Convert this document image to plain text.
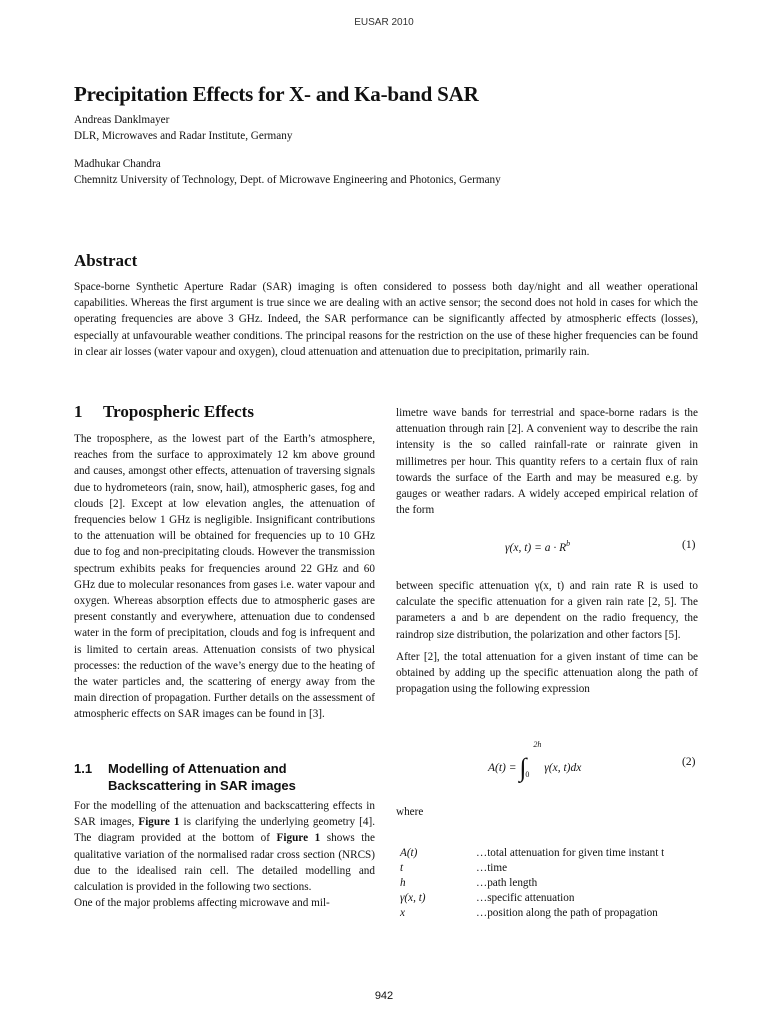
EUSAR 2010
Precipitation Effects for X- and Ka-band SAR
Andreas Danklmayer
DLR, Microwaves and Radar Institute, Germany
Madhukar Chandra
Chemnitz University of Technology, Dept. of Microwave Engineering and Photonics, Germany
Abstract
Space-borne Synthetic Aperture Radar (SAR) imaging is often considered to possess both day/night and all weather operational capabilities. Whereas the first argument is true since we are dealing with an active sensor; the second does not hold in cases for which the operating frequencies are above 3 GHz. Indeed, the SAR performance can be significantly affected by atmospheric effects (losses), especially at unfavourable weather conditions. The principal reasons for the restriction on the use of these higher frequencies can be found in clear air losses (water vapour and oxygen), cloud attenuation and attenuation due to precipitation, primarily rain.
1 Tropospheric Effects

The troposphere, as the lowest part of the Earth’s atmosphere, reaches from the surface to approximately 12 km above ground and causes, amongst other effects, attenuation of traversing signals due to hydrometeors (rain, snow, hail), atmospheric gases, fog and clouds [2]. Except at low elevation angles, the attenuation of frequencies below 1 GHz is negligible. Insignificant contributions to the attenuation will be obtained for frequencies up to 10 GHz due to fog and non-precipitating clouds. However the transmission spectrum exhibits peaks for frequencies around 22 GHz and 60 GHz due to molecular resonances from gases i.e. water vapour and oxygen. Whereas absorption effects due to atmospheric gases are present constantly and everywhere, attenuation due to condensed water in the form of precipitation, clouds and fog is infrequent and is limited to certain areas. Attenuation consists of two physical processes: the reduction of the wave’s energy due to the heating of the water particles and, the scattering of energy away from the main direction of propagation. Further details on the assessment of atmospheric effects on SAR images can be found in [3].

1.1 Modelling of Attenuation and Backscattering in SAR images

For the modelling of the attenuation and backscattering effects in SAR images, Figure 1 is clarifying the underlying geometry [4]. The diagram provided at the bottom of Figure 1 shows the qualitative variation of the normalised radar cross section (NRCS) due to the idealised rain cell. The detailed modelling and calculation is provided in the following two sections.

One of the major problems affecting microwave and mil-

limetre wave bands for terrestrial and space-borne radars is the attenuation through rain [2]. A convenient way to describe the rain intensity is the so called rainfall-rate or rainrate given in millimetres per hour. This quantity refers to a certain flux of rain towards the surface of the Earth and may be measured e.g. by gauges or weather radars. A widely acceped empirical relation of the form

γ(x, $t) = a \cdot R^b$	(1)

between specific attenuation γ(x, t) and rain rate R is used to calculate the specific attenuation for a given rain rate [2, 5]. The parameters a and b are dependent on the radio frequency, the raindrop size distribution, the polarization and other factors [5].

After [2], the total attenuation for a given instant of time can be obtained by adding up the specific attenuation along the path of propagation using the following expression

A(t) = ∫
2h
0
γ(x, t)dx	(2)
where
A(t)	…total attenuation for given time instant t
t	…time
h	…path length
γ(x, t)	…specific attenuation
x	…position along the path of propagation
942
